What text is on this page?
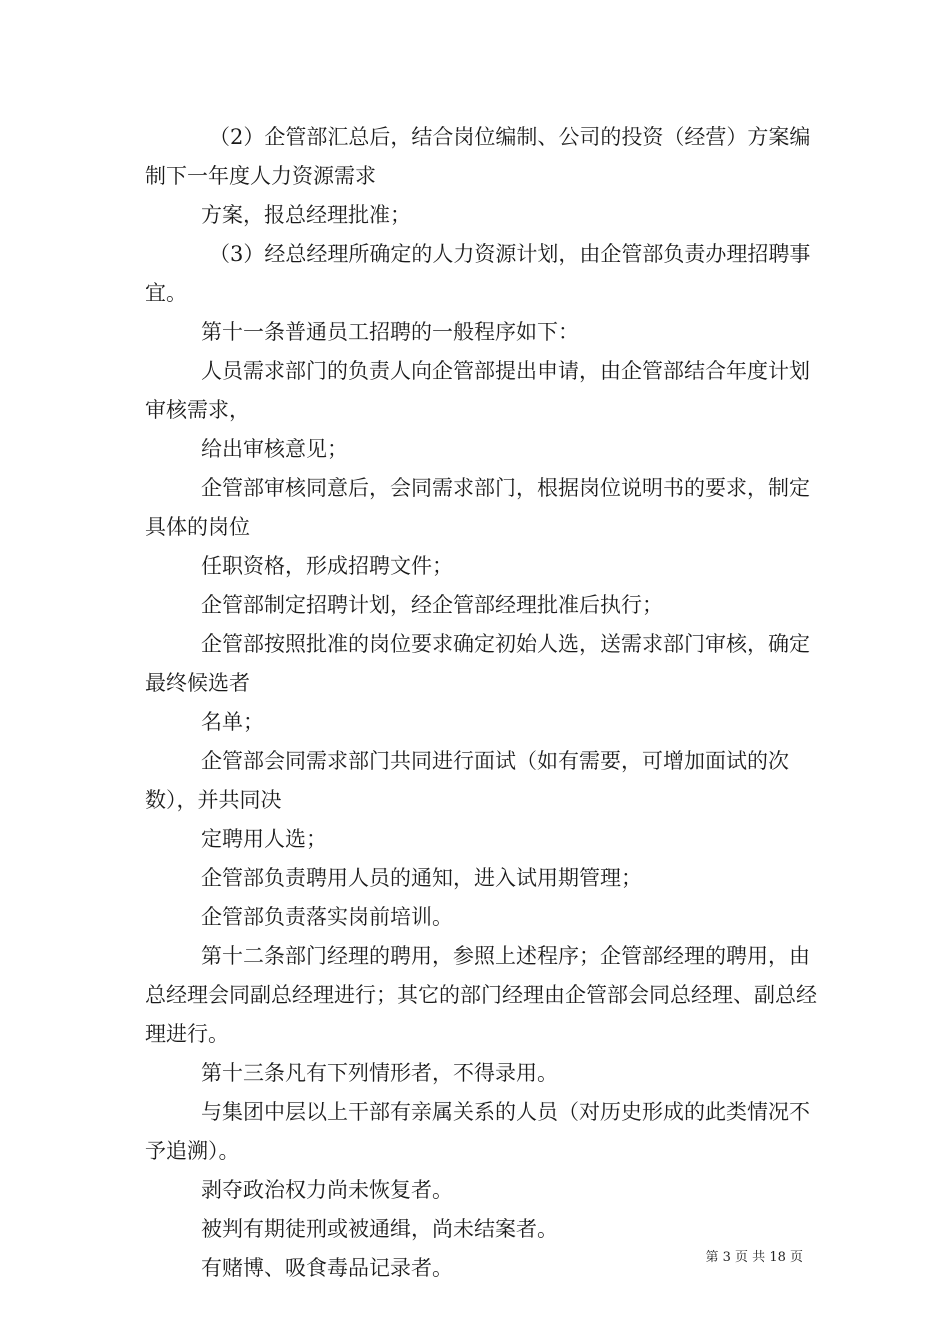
（2）企管部汇总后，结合岗位编制、公司的投资（经营）方案编制下一年度人力资源需求

方案，报总经理批准；

（3）经总经理所确定的人力资源计划，由企管部负责办理招聘事宜。

第十一条普通员工招聘的一般程序如下：

人员需求部门的负责人向企管部提出申请，由企管部结合年度计划审核需求，

给出审核意见；

企管部审核同意后，会同需求部门，根据岗位说明书的要求，制定具体的岗位

任职资格，形成招聘文件；

企管部制定招聘计划，经企管部经理批准后执行；

企管部按照批准的岗位要求确定初始人选，送需求部门审核，确定最终候选者

名单；

企管部会同需求部门共同进行面试（如有需要，可增加面试的次数），并共同决

定聘用人选；

企管部负责聘用人员的通知，进入试用期管理；

企管部负责落实岗前培训。

第十二条部门经理的聘用，参照上述程序；企管部经理的聘用，由总经理会同副总经理进行；其它的部门经理由企管部会同总经理、副总经理进行。

第十三条凡有下列情形者，不得录用。

与集团中层以上干部有亲属关系的人员（对历史形成的此类情况不予追溯）。

剥夺政治权力尚未恢复者。

被判有期徒刑或被通缉，尚未结案者。

有赌博、吸食毒品记录者。	第 3 页 共 18 页
